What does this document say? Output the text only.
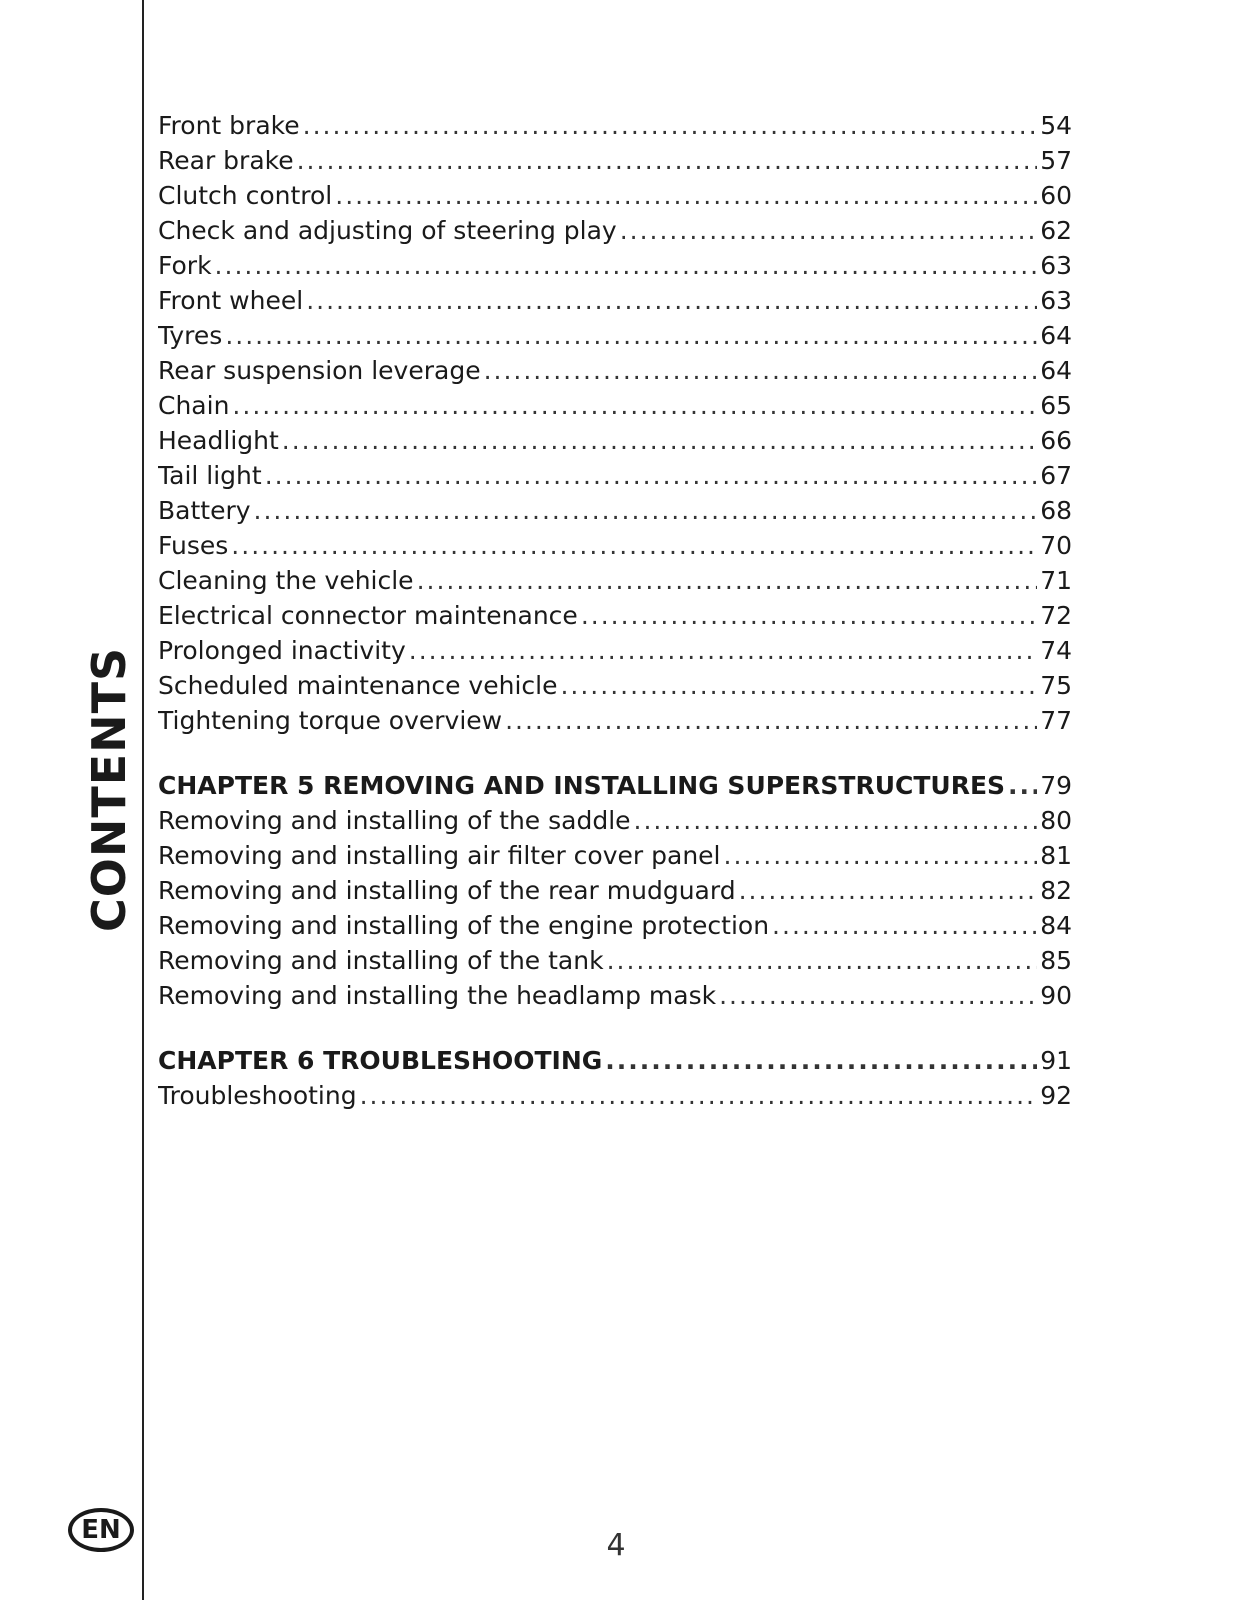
CONTENTS
Front brake .....	54
Rear brake .....	57
Clutch control .....	60
Check and adjusting of steering play .....	62
Fork .....	63
Front wheel .....	63
Tyres .....	64
Rear suspension leverage .....	64
Chain .....	65
Headlight .....	66
Tail light .....	67
Battery .....	68
Fuses .....	70
Cleaning the vehicle .....	71
Electrical connector maintenance .....	72
Prolonged inactivity .....	74
Scheduled maintenance vehicle .....	75
Tightening torque overview .....	77
CHAPTER 5 REMOVING AND INSTALLING SUPERSTRUCTURES ..... 79
Removing and installing of the saddle .....	80
Removing and installing air filter cover panel .....	81
Removing and installing of the rear mudguard .....	82
Removing and installing of the engine protection .....	84
Removing and installing of the tank .....	85
Removing and installing the headlamp mask .....	90
CHAPTER 6 TROUBLESHOOTING .....	91
Troubleshooting .....	92
EN	4
